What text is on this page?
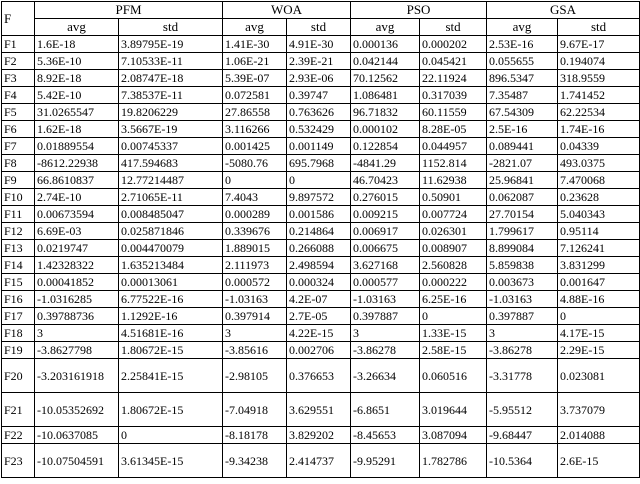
F	PFM		WOA		PSO		GSA	
	avg	std	avg	std	avg	std	avg	std
F1	1.6E-18	3.89795E-19	1.41E-30	4.91E-30	0.000136	0.000202	2.53E-16	9.67E-17
F2	5.36E-10	7.10533E-11	1.06E-21	2.39E-21	0.042144	0.045421	0.055655	0.194074
F3	8.92E-18	2.08747E-18	5.39E-07	2.93E-06	70.12562	22.11924	896.5347	318.9559
F4	5.42E-10	7.38537E-11	0.072581	0.39747	1.086481	0.317039	7.35487	1.741452
F5	31.0265547	19.8206229	27.86558	0.763626	96.71832	60.11559	67.54309	62.22534
F6	1.62E-18	3.5667E-19	3.116266	0.532429	0.000102	8.28E-05	2.5E-16	1.74E-16
F7	0.01889554	0.00745337	0.001425	0.001149	0.122854	0.044957	0.089441	0.04339
F8	-8612.22938	417.594683	-5080.76	695.7968	-4841.29	1152.814	-2821.07	493.0375
F9	66.8610837	12.77214487	0	0	46.70423	11.62938	25.96841	7.470068
F10	2.74E-10	2.71065E-11	7.4043	9.897572	0.276015	0.50901	0.062087	0.23628
F11	0.00673594	0.008485047	0.000289	0.001586	0.009215	0.007724	27.70154	5.040343
F12	6.69E-03	0.025871846	0.339676	0.214864	0.006917	0.026301	1.799617	0.95114
F13	0.0219747	0.004470079	1.889015	0.266088	0.006675	0.008907	8.899084	7.126241
F14	1.42328322	1.635213484	2.111973	2.498594	3.627168	2.560828	5.859838	3.831299
F15	0.00041852	0.00013061	0.000572	0.000324	0.000577	0.000222	0.003673	0.001647
F16	-1.0316285	6.77522E-16	-1.03163	4.2E-07	-1.03163	6.25E-16	-1.03163	4.88E-16
F17	0.39788736	1.1292E-16	0.397914	2.7E-05	0.397887	0	0.397887	0
F18	3	4.51681E-16	3	4.22E-15	3	1.33E-15	3	4.17E-15
F19	-3.8627798	1.80672E-15	-3.85616	0.002706	-3.86278	2.58E-15	-3.86278	2.29E-15
F20	-3.203161918	2.25841E-15	-2.98105	0.376653	-3.26634	0.060516	-3.31778	0.023081
F21	-10.05352692	1.80672E-15	-7.04918	3.629551	-6.8651	3.019644	-5.95512	3.737079
F22	-10.0637085	0	-8.18178	3.829202	-8.45653	3.087094	-9.68447	2.014088
F23	-10.07504591	3.61345E-15	-9.34238	2.414737	-9.95291	1.782786	-10.5364	2.6E-15
